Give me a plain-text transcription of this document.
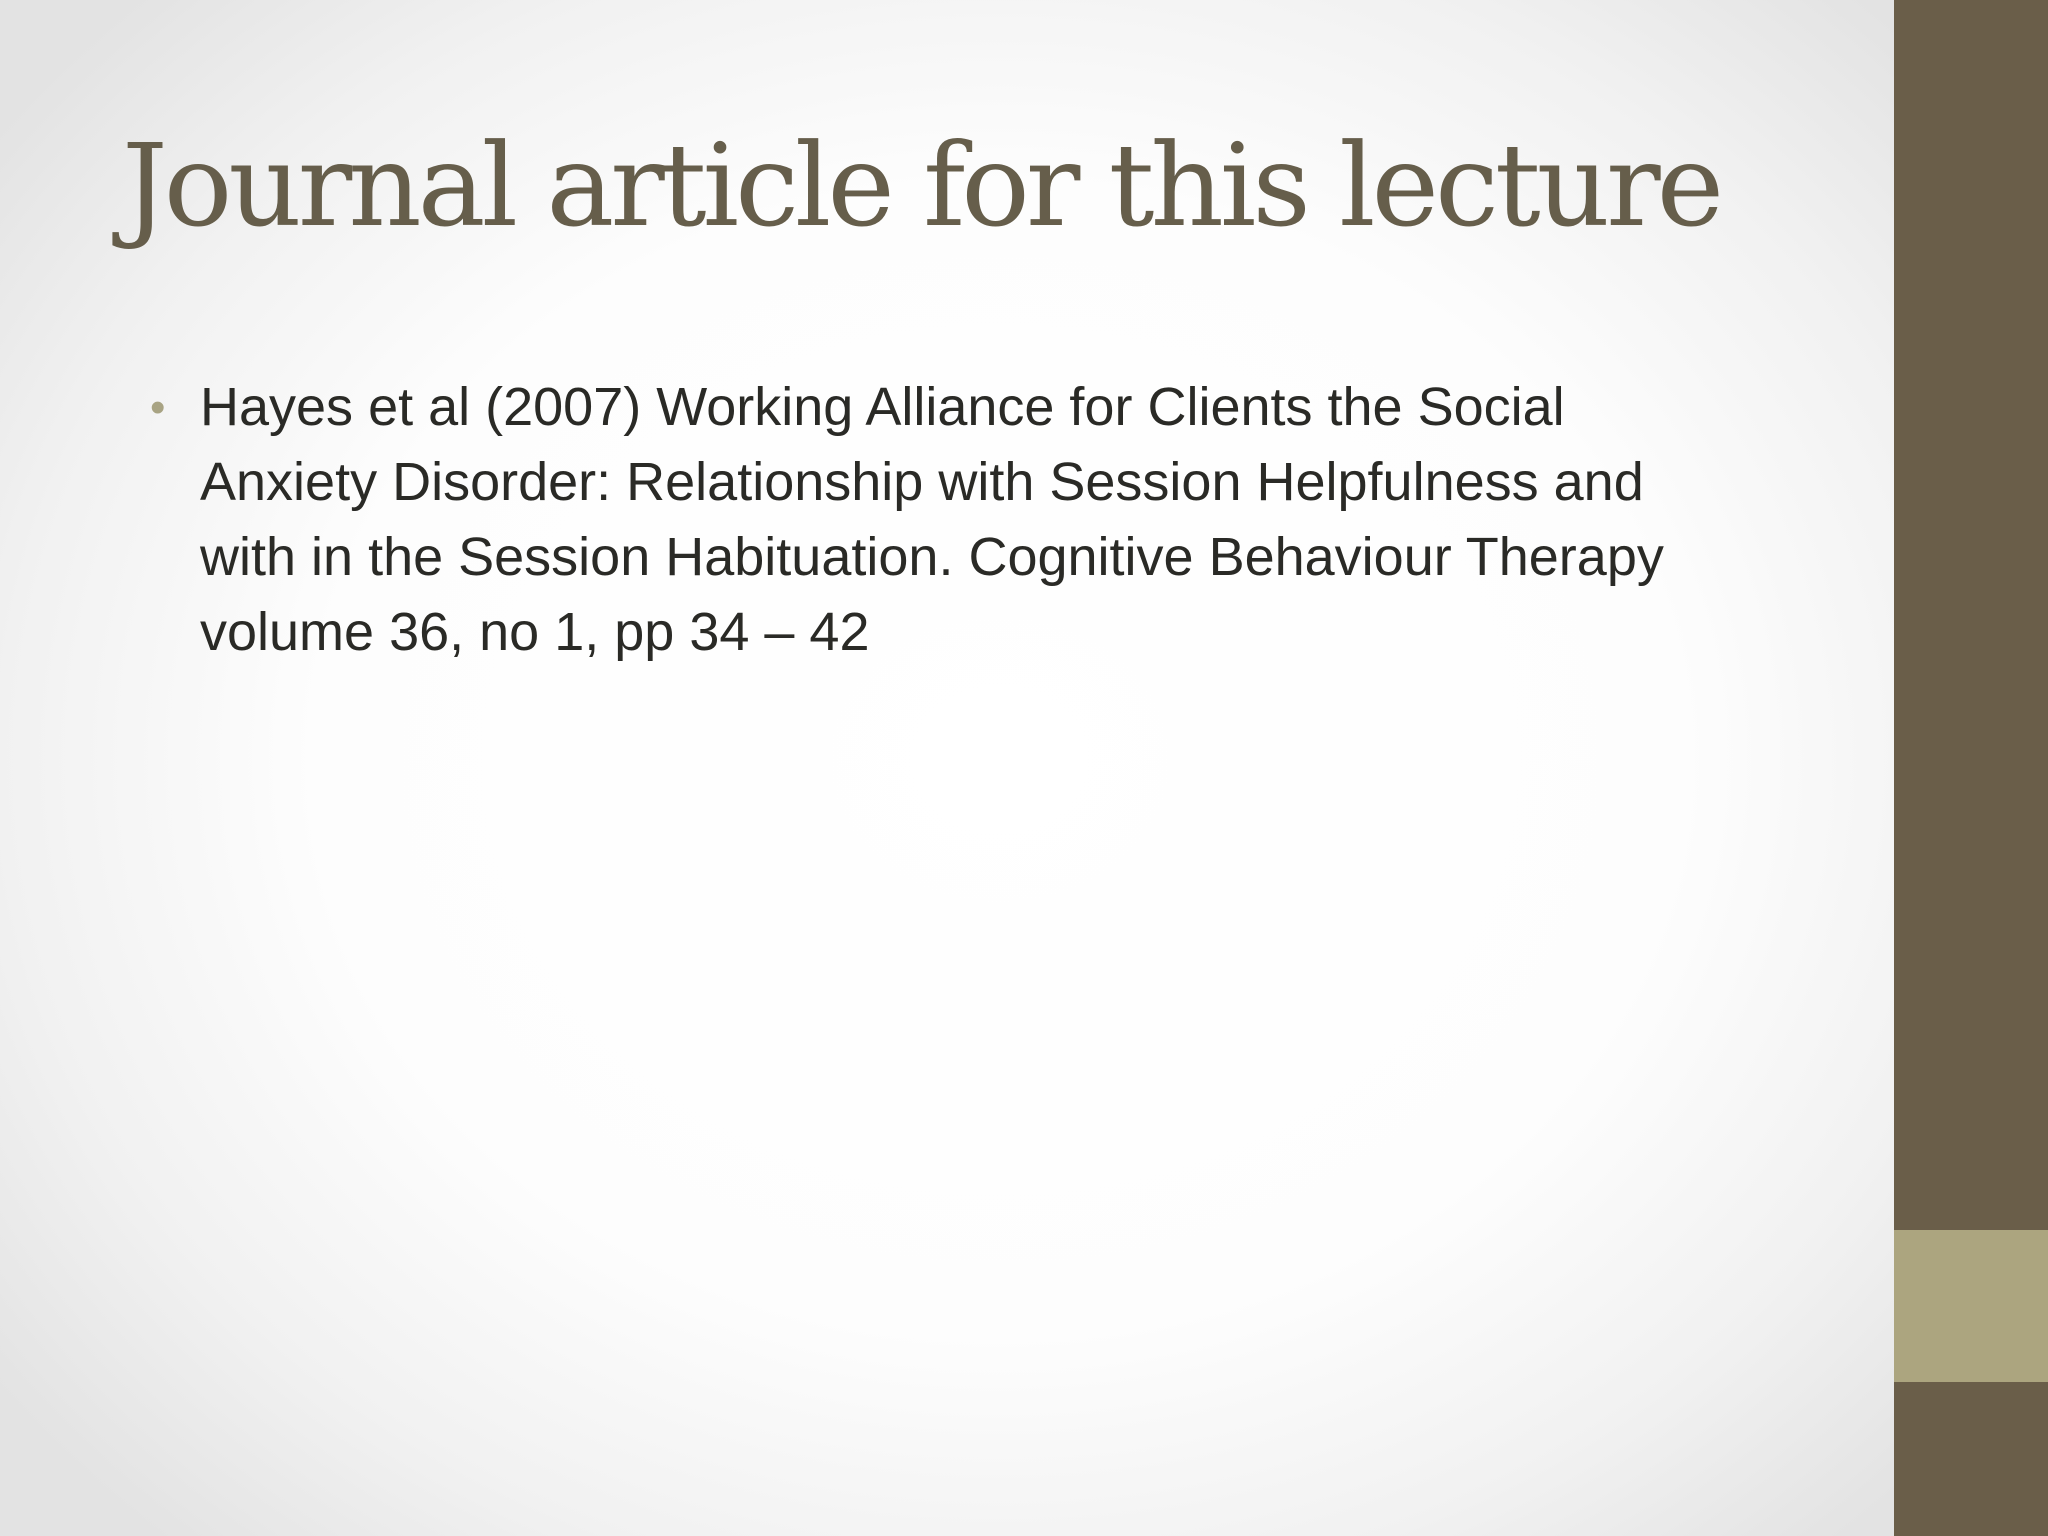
Journal article for this lecture
• Hayes et al (2007) Working Alliance for Clients the Social
Anxiety Disorder: Relationship with Session Helpfulness and
with in the Session Habituation. Cognitive Behaviour Therapy
volume 36, no 1, pp 34 – 42
